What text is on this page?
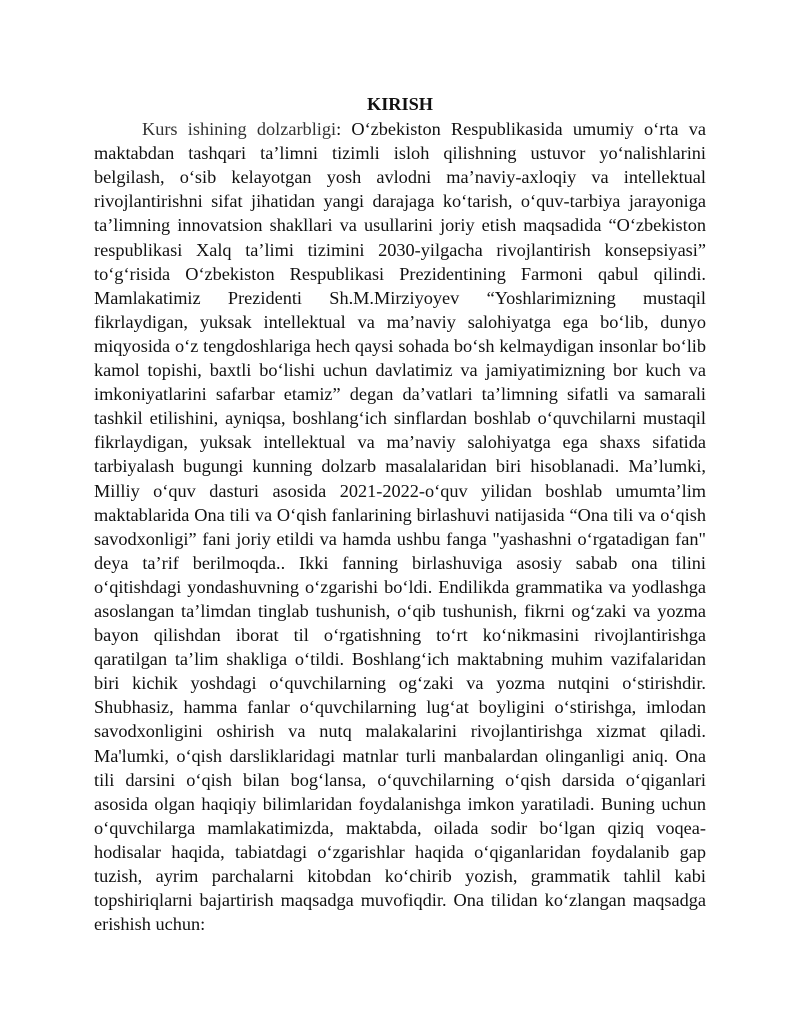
KIRISH

Kurs ishining dolzarbligi: O‘zbekiston Respublikasida umumiy o‘rta va maktabdan tashqari ta’limni tizimli isloh qilishning ustuvor yo‘nalishlarini belgilash, o‘sib kelayotgan yosh avlodni ma’naviy-axloqiy va intellektual rivojlantirishni sifat jihatidan yangi darajaga ko‘tarish, o‘quv-tarbiya jarayoniga ta’limning innovatsion shakllari va usullarini joriy etish maqsadida “O‘zbekiston respublikasi Xalq ta’limi tizimini 2030-yilgacha rivojlantirish konsepsiyasi” to‘g‘risida O‘zbekiston Respublikasi Prezidentining Farmoni qabul qilindi. Mamlakatimiz Prezidenti Sh.M.Mirziyoyev “Yoshlarimizning mustaqil fikrlaydigan, yuksak intellektual va ma’naviy salohiyatga ega bo‘lib, dunyo miqyosida o‘z tengdoshlariga hech qaysi sohada bo‘sh kelmaydigan insonlar bo‘lib kamol topishi, baxtli bo‘lishi uchun davlatimiz va jamiyatimizning bor kuch va imkoniyatlarini safarbar etamiz” degan da’vatlari ta’limning sifatli va samarali tashkil etilishini, ayniqsa, boshlang‘ich sinflardan boshlab o‘quvchilarni mustaqil fikrlaydigan, yuksak intellektual va ma’naviy salohiyatga ega shaxs sifatida tarbiyalash bugungi kunning dolzarb masalalaridan biri hisoblanadi. Ma’lumki, Milliy o‘quv dasturi asosida 2021-2022-o‘quv yilidan boshlab umumta’lim maktablarida Ona tili va O‘qish fanlarining birlashuvi natijasida “Ona tili va o‘qish savodxonligi” fani joriy etildi va hamda ushbu fanga "yashashni o‘rgatadigan fan" deya ta’rif berilmoqda.. Ikki fanning birlashuviga asosiy sabab ona tilini o‘qitishdagi yondashuvning o‘zgarishi bo‘ldi. Endilikda grammatika va yodlashga asoslangan ta’limdan tinglab tushunish, o‘qib tushunish, fikrni og‘zaki va yozma bayon qilishdan iborat til o‘rgatishning to‘rt ko‘nikmasini rivojlantirishga qaratilgan ta’lim shakliga o‘tildi. Boshlang‘ich maktabning muhim vazifalaridan biri kichik yoshdagi o‘quvchilarning og‘zaki va yozma nutqini o‘stirishdir. Shubhasiz, hamma fanlar o‘quvchilarning lug‘at boyligini o‘stirishga, imlodan savodxonligini oshirish va nutq malakalarini rivojlantirishga xizmat qiladi. Ma'lumki, o‘qish darsliklaridagi matnlar turli manbalardan olinganligi aniq. Ona tili darsini o‘qish bilan bog‘lansa, o‘quvchilarning o‘qish darsida o‘qiganlari asosida olgan haqiqiy bilimlaridan foydalanishga imkon yaratiladi. Buning uchun o‘quvchilarga mamlakatimizda, maktabda, oilada sodir bo‘lgan qiziq voqea-hodisalar haqida, tabiatdagi o‘zgarishlar haqida o‘qiganlaridan foydalanib gap tuzish, ayrim parchalarni kitobdan ko‘chirib yozish, grammatik tahlil kabi topshiriqlarni bajartirish maqsadga muvofiqdir. Ona tilidan ko‘zlangan maqsadga erishish uchun:
